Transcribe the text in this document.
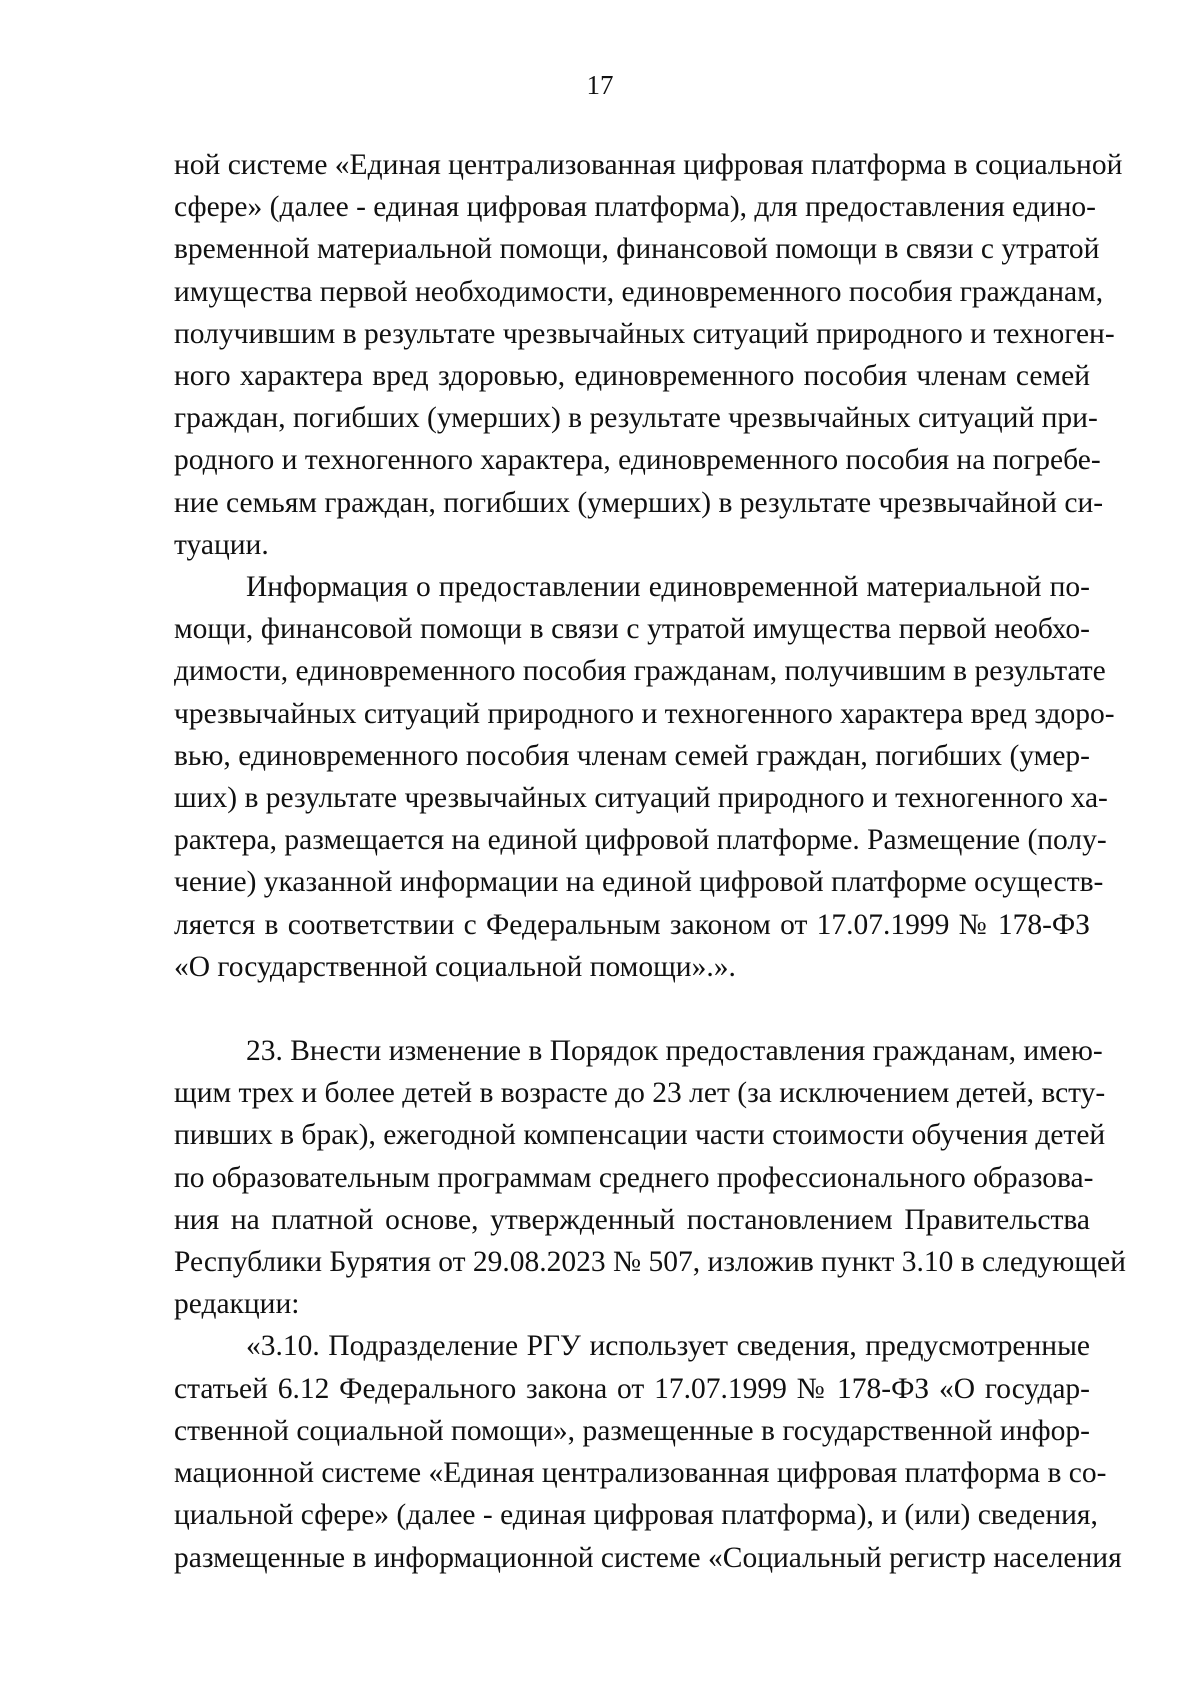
17

ной системе «Единая централизованная цифровая платформа в социальной
сфере» (далее - единая цифровая платформа), для предоставления едино-
временной материальной помощи, финансовой помощи в связи с утратой
имущества первой необходимости, единовременного пособия гражданам,
получившим в результате чрезвычайных ситуаций природного и техноген-
ного характера вред здоровью, единовременного пособия членам семей
граждан, погибших (умерших) в результате чрезвычайных ситуаций при-
родного и техногенного характера, единовременного пособия на погребе-
ние семьям граждан, погибших (умерших) в результате чрезвычайной си-
туации.

Информация о предоставлении единовременной материальной по-
мощи, финансовой помощи в связи с утратой имущества первой необхо-
димости, единовременного пособия гражданам, получившим в результате
чрезвычайных ситуаций природного и техногенного характера вред здоро-
вью, единовременного пособия членам семей граждан, погибших (умер-
ших) в результате чрезвычайных ситуаций природного и техногенного ха-
рактера, размещается на единой цифровой платформе. Размещение (полу-
чение) указанной информации на единой цифровой платформе осуществ-
ляется в соответствии с Федеральным законом от 17.07.1999 № 178-ФЗ
«О государственной социальной помощи».».

23. Внести изменение в Порядок предоставления гражданам, имею-
щим трех и более детей в возрасте до 23 лет (за исключением детей, всту-
пивших в брак), ежегодной компенсации части стоимости обучения детей
по образовательным программам среднего профессионального образова-
ния на платной основе, утвержденный постановлением Правительства
Республики Бурятия от 29.08.2023 № 507, изложив пункт 3.10 в следующей
редакции:

«3.10. Подразделение РГУ использует сведения, предусмотренные
статьей 6.12 Федерального закона от 17.07.1999 № 178-ФЗ «О государ-
ственной социальной помощи», размещенные в государственной инфор-
мационной системе «Единая централизованная цифровая платформа в со-
циальной сфере» (далее - единая цифровая платформа), и (или) сведения,
размещенные в информационной системе «Социальный регистр населения
